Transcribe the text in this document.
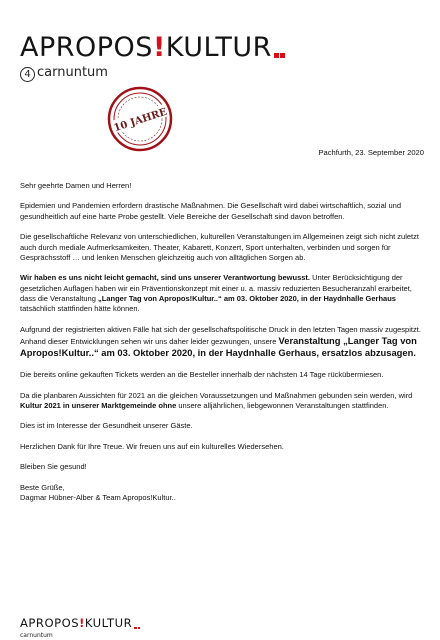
APROPOS!KULTUR
4 carnuntum
10 JAHRE
Pachfurth, 23. September 2020

Sehr geehrte Damen und Herren!

Epidemien und Pandemien erfordern drastische Maßnahmen. Die Gesellschaft wird dabei wirtschaftlich, sozial und gesundheitlich auf eine harte Probe gestellt. Viele Bereiche der Gesellschaft sind davon betroffen.

Die gesellschaftliche Relevanz von unterschiedlichen, kulturellen Veranstaltungen im Allgemeinen zeigt sich nicht zuletzt auch durch mediale Aufmerksamkeiten. Theater, Kabarett, Konzert, Sport unterhalten, verbinden und sorgen für Gesprächsstoff … und lenken Menschen gleichzeitig auch von alltäglichen Sorgen ab.

Wir haben es uns nicht leicht gemacht, sind uns unserer Verantwortung bewusst. Unter Berücksichtigung der gesetzlichen Auflagen haben wir ein Präventionskonzept mit einer u. a. massiv reduzierten Besucheranzahl erarbeitet, dass die Veranstaltung „Langer Tag von Apropos!Kultur..“ am 03. Oktober 2020, in der Haydnhalle Gerhaus tatsächlich stattfinden hätte können.

Aufgrund der registrierten aktiven Fälle hat sich der gesellschaftspolitische Druck in den letzten Tagen massiv zugespitzt. Anhand dieser Entwicklungen sehen wir uns daher leider gezwungen, unsere Veranstaltung „Langer Tag von Apropos!Kultur..“ am 03. Oktober 2020, in der Haydnhalle Gerhaus, ersatzlos abzusagen.

Die bereits online gekauften Tickets werden an die Besteller innerhalb der nächsten 14 Tage rückübermiesen.

Da die planbaren Aussichten für 2021 an die gleichen Voraussetzungen und Maßnahmen gebunden sein werden, wird Kultur 2021 in unserer Marktgemeinde ohne unsere alljährlichen, liebgewonnen Veranstaltungen stattfinden.

Dies ist im Interesse der Gesundheit unserer Gäste.

Herzlichen Dank für Ihre Treue. Wir freuen uns auf ein kulturelles Wiedersehen.

Bleiben Sie gesund!

Beste Grüße,
Dagmar Hübner-Alber & Team Apropos!Kultur..

APROPOS!KULTUR
carnuntum
